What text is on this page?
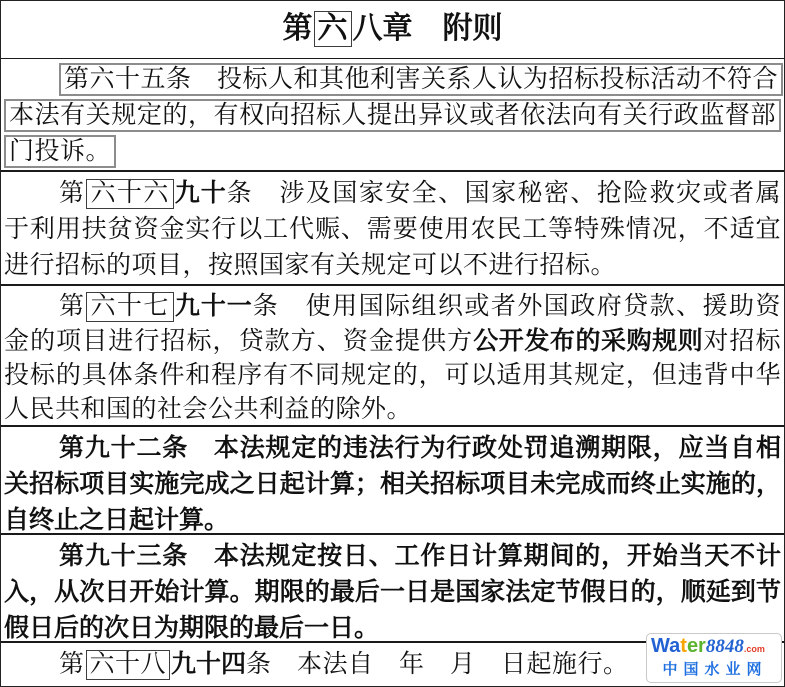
第 六 八章　附则

第六十五条　投标人和其他利害关系人认为招标投标活动不符合本法有关规定的，有权向招标人提出异议或者依法向有关行政监督部门投诉。

第 六十六 九十条　涉及国家安全、国家秘密、抢险救灾或者属于利用扶贫资金实行以工代赈、需要使用农民工等特殊情况，不适宜进行招标的项目，按照国家有关规定可以不进行招标。

第 六十七 九十一条　使用国际组织或者外国政府贷款、援助资金的项目进行招标，贷款方、资金提供方公开发布的采购规则对招标投标的具体条件和程序有不同规定的，可以适用其规定，但违背中华人民共和国的社会公共利益的除外。

第九十二条　本法规定的违法行为行政处罚追溯期限，应当自相关招标项目实施完成之日起计算；相关招标项目未完成而终止实施的，自终止之日起计算。

第九十三条　本法规定按日、工作日计算期间的，开始当天不计入，从次日开始计算。期限的最后一日是国家法定节假日的，顺延到节假日后的次日为期限的最后一日。

第 六十八 九十四条　本法自　年　月　日起施行。

Water8848.com
中国水业网
